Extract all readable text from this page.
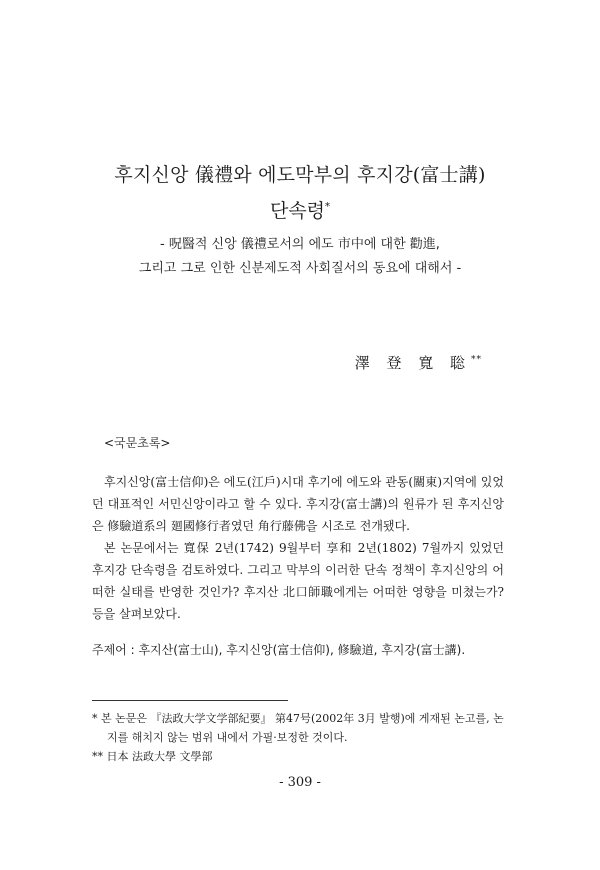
후지신앙 儀禮와 에도막부의 후지강(富士講)
단속령*
- 呪醫적 신앙 儀禮로서의 에도 市中에 대한 勸進,
그리고 그로 인한 신분제도적 사회질서의 동요에 대해서 -
澤 登 寬 聡**
<국문초록>

후지신앙(富士信仰)은 에도(江戶)시대 후기에 에도와 관동(關東)지역에 있었던 대표적인 서민신앙이라고 할 수 있다. 후지강(富士講)의 원류가 된 후지신앙은 修驗道系의 廻國修行者였던 角行藤佛을 시조로 전개됐다.

본 논문에서는 寬保 2년(1742) 9월부터 享和 2년(1802) 7월까지 있었던 후지강 단속령을 검토하였다. 그리고 막부의 이러한 단속 정책이 후지신앙의 어떠한 실태를 반영한 것인가? 후지산 北口師職에게는 어떠한 영향을 미쳤는가? 등을 살펴보았다.

주제어 : 후지산(富士山), 후지신앙(富士信仰), 修驗道, 후지강(富士講).

* 본 논문은 『法政大学文学部紀要』 第47号(2002年 3月 발행)에 게재된 논고를, 논

지를 해치지 않는 범위 내에서 가필·보정한 것이다.

** 日本 法政大學 文學部

- 309 -
